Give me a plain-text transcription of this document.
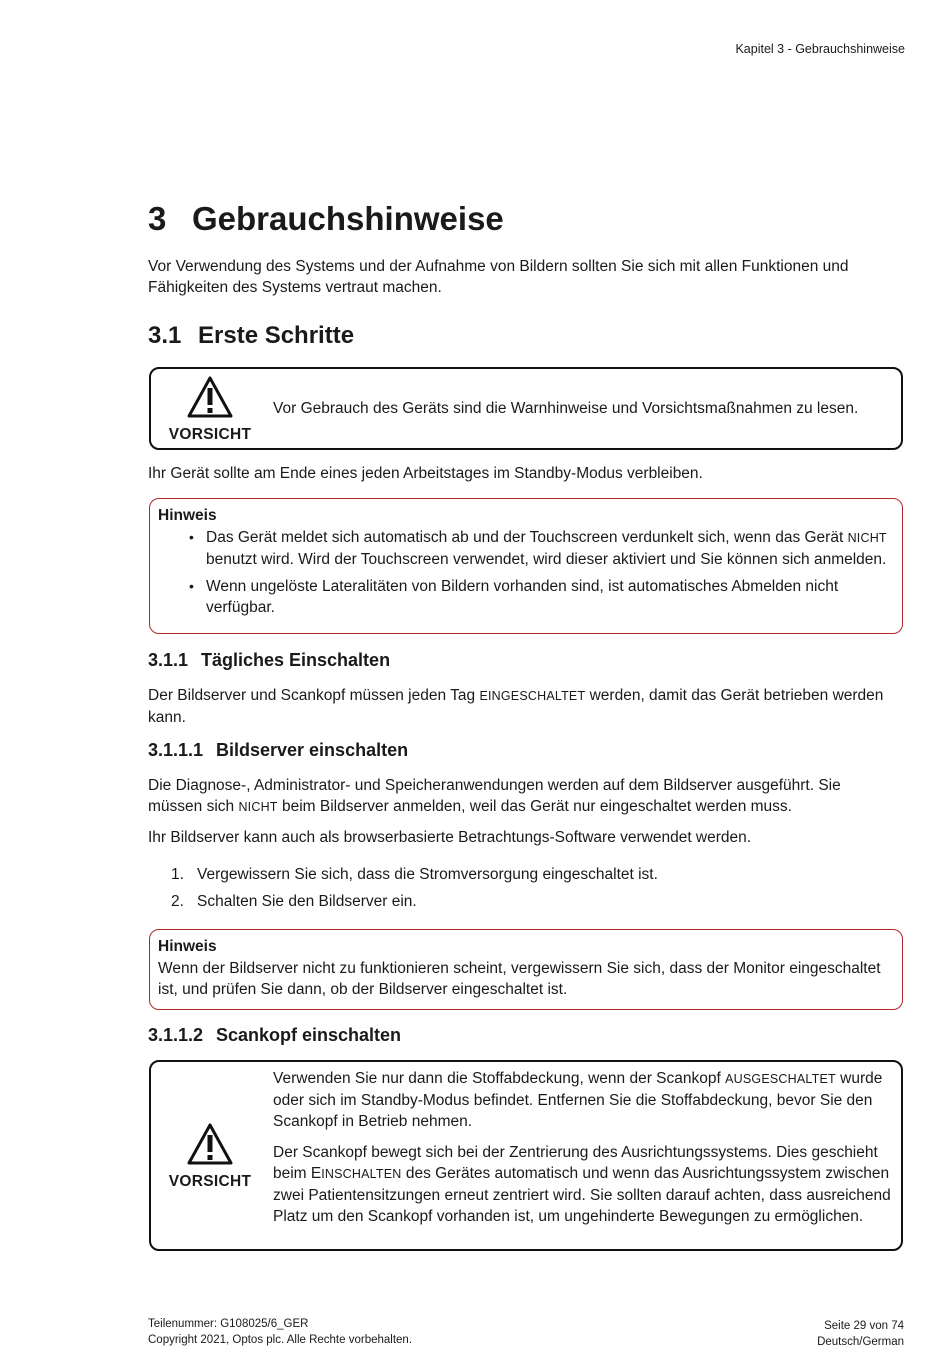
Kapitel 3 - Gebrauchshinweise
3 Gebrauchshinweise

Vor Verwendung des Systems und der Aufnahme von Bildern sollten Sie sich mit allen Funktionen und Fähigkeiten des Systems vertraut machen.

3.1 Erste Schritte
VORSICHT
Vor Gebrauch des Geräts sind die Warnhinweise und Vorsichtsmaßnahmen zu lesen.

Ihr Gerät sollte am Ende eines jeden Arbeitstages im Standby-Modus verbleiben.

Hinweis
• Das Gerät meldet sich automatisch ab und der Touchscreen verdunkelt sich, wenn das Gerät NICHT benutzt wird. Wird der Touchscreen verwendet, wird dieser aktiviert und Sie können sich anmelden.
• Wenn ungelöste Lateralitäten von Bildern vorhanden sind, ist automatisches Abmelden nicht verfügbar.
3.1.1 Tägliches Einschalten

Der Bildserver und Scankopf müssen jeden Tag EINGESCHALTET werden, damit das Gerät betrieben werden kann.

3.1.1.1 Bildserver einschalten

Die Diagnose-, Administrator- und Speicheranwendungen werden auf dem Bildserver ausgeführt. Sie müssen sich NICHT beim Bildserver anmelden, weil das Gerät nur eingeschaltet werden muss.

Ihr Bildserver kann auch als browserbasierte Betrachtungs-Software verwendet werden.

1. Vergewissern Sie sich, dass die Stromversorgung eingeschaltet ist.
2. Schalten Sie den Bildserver ein.
Hinweis
Wenn der Bildserver nicht zu funktionieren scheint, vergewissern Sie sich, dass der Monitor eingeschaltet ist, und prüfen Sie dann, ob der Bildserver eingeschaltet ist.
3.1.1.2 Scankopf einschalten
VORSICHT

Verwenden Sie nur dann die Stoffabdeckung, wenn der Scankopf AUSGESCHALTET wurde oder sich im Standby-Modus befindet. Entfernen Sie die Stoffabdeckung, bevor Sie den Scankopf in Betrieb nehmen.

Der Scankopf bewegt sich bei der Zentrierung des Ausrichtungssystems. Dies geschieht beim EINSCHALTEN des Gerätes automatisch und wenn das Ausrichtungssystem zwischen zwei Patientensitzungen erneut zentriert wird. Sie sollten darauf achten, dass ausreichend Platz um den Scankopf vorhanden ist, um ungehinderte Bewegungen zu ermöglichen.

Teilenummer: G108025/6_GER
Copyright 2021, Optos plc. Alle Rechte vorbehalten.
Seite 29 von 74
Deutsch/German
